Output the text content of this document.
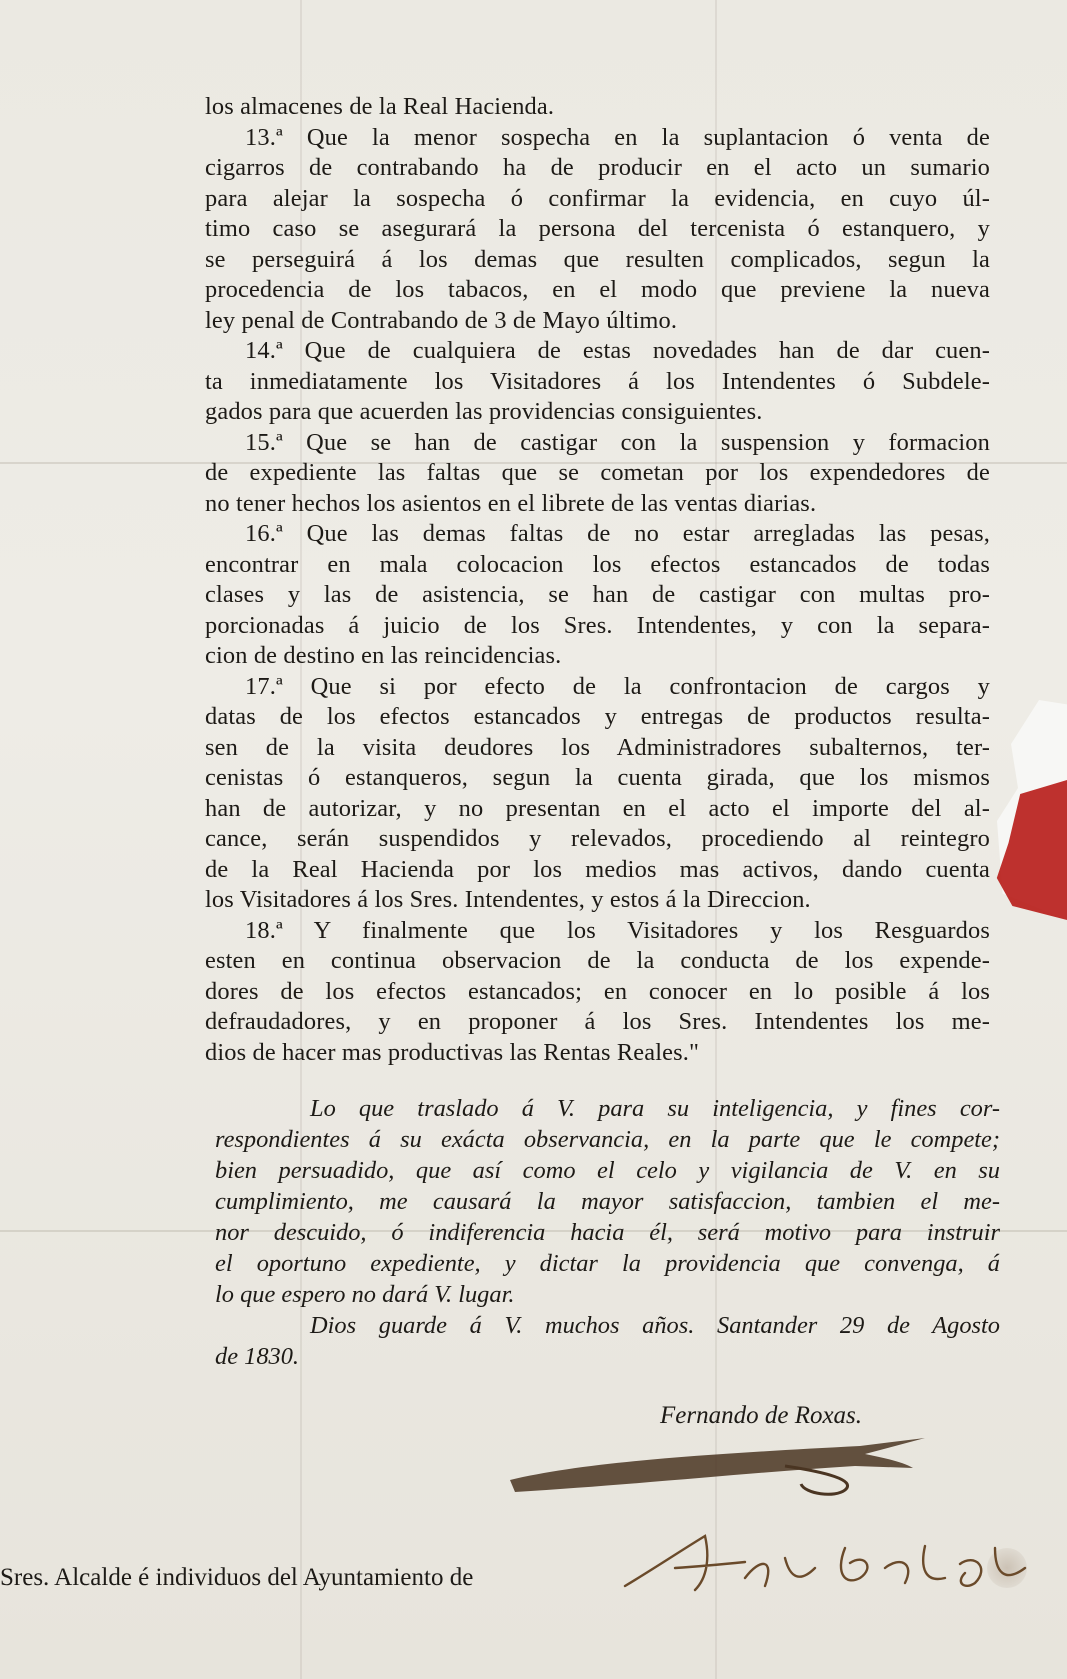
los almacenes de la Real Hacienda.
13.ª Que la menor sospecha en la suplantacion ó venta de
cigarros de contrabando ha de producir en el acto un sumario
para alejar la sospecha ó confirmar la evidencia, en cuyo úl-
timo caso se asegurará la persona del tercenista ó estanquero, y
se perseguirá á los demas que resulten complicados, segun la
procedencia de los tabacos, en el modo que previene la nueva
ley penal de Contrabando de 3 de Mayo último.
14.ª Que de cualquiera de estas novedades han de dar cuen-
ta inmediatamente los Visitadores á los Intendentes ó Subdele-
gados para que acuerden las providencias consiguientes.
15.ª Que se han de castigar con la suspension y formacion
de expediente las faltas que se cometan por los expendedores de
no tener hechos los asientos en el librete de las ventas diarias.
16.ª Que las demas faltas de no estar arregladas las pesas,
encontrar en mala colocacion los efectos estancados de todas
clases y las de asistencia, se han de castigar con multas pro-
porcionadas á juicio de los Sres. Intendentes, y con la separa-
cion de destino en las reincidencias.
17.ª Que si por efecto de la confrontacion de cargos y
datas de los efectos estancados y entregas de productos resulta-
sen de la visita deudores los Administradores subalternos, ter-
cenistas ó estanqueros, segun la cuenta girada, que los mismos
han de autorizar, y no presentan en el acto el importe del al-
cance, serán suspendidos y relevados, procediendo al reintegro
de la Real Hacienda por los medios mas activos, dando cuenta
los Visitadores á los Sres. Intendentes, y estos á la Direccion.
18.ª Y finalmente que los Visitadores y los Resguardos
esten en continua observacion de la conducta de los expende-
dores de los efectos estancados; en conocer en lo posible á los
defraudadores, y en proponer á los Sres. Intendentes los me-
dios de hacer mas productivas las Rentas Reales."
Lo que traslado á V. para su inteligencia, y fines cor-
respondientes á su exácta observancia, en la parte que le compete;
bien persuadido, que así como el celo y vigilancia de V. en su
cumplimiento, me causará la mayor satisfaccion, tambien el me-
nor descuido, ó indiferencia hacia él, será motivo para instruir
el oportuno expediente, y dictar la providencia que convenga, á
lo que espero no dará V. lugar.
Dios guarde á V. muchos años. Santander 29 de Agosto
de 1830.
Fernando de Roxas.
Sres. Alcalde é individuos del Ayuntamiento de
